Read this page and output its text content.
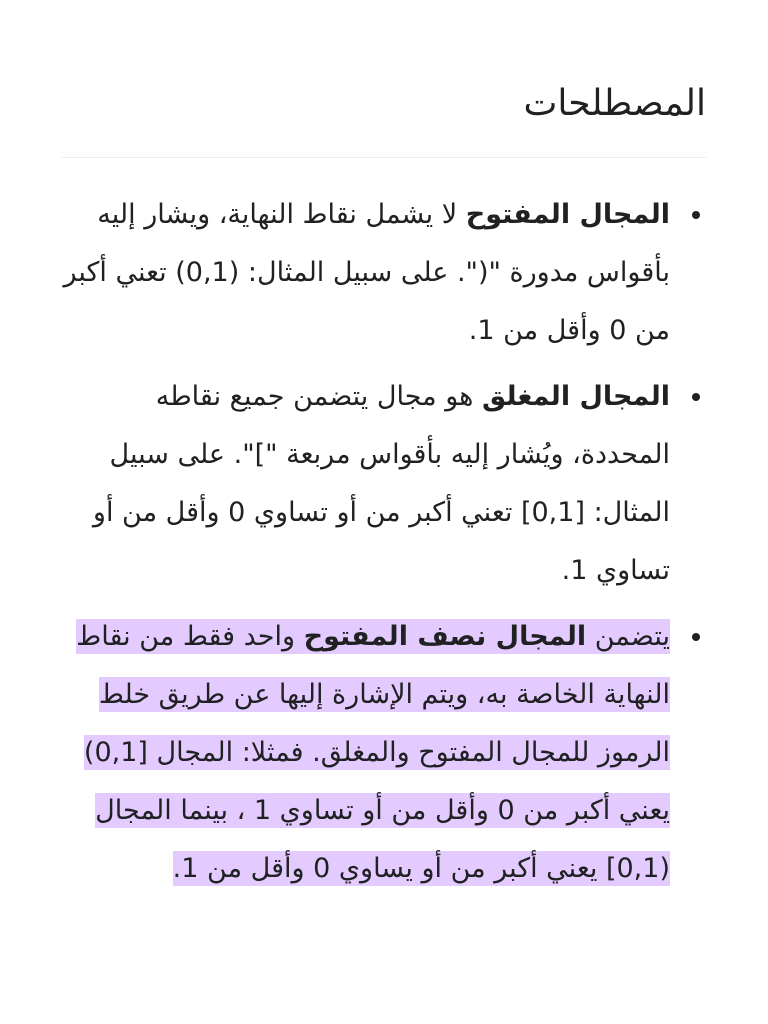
المصطلحات
المجال المفتوح لا يشمل نقاط النهاية، ويشار إليه بأقواس مدورة "(". على سبيل المثال: (0,1) تعني أكبر من 0 وأقل من 1.
المجال المغلق هو مجال يتضمن جميع نقاطه المحددة، ويُشار إليه بأقواس مربعة "]". على سبيل المثال: [0,1] تعني أكبر من أو تساوي 0 وأقل من أو تساوي 1.
يتضمن المجال نصف المفتوح واحد فقط من نقاط النهاية الخاصة به، ويتم الإشارة إليها عن طريق خلط الرموز للمجال المفتوح والمغلق. فمثلا: المجال [0,1) يعني أكبر من 0 وأقل من أو تساوي 1 ، بينما المجال (0,1] يعني أكبر من أو يساوي 0 وأقل من 1.
